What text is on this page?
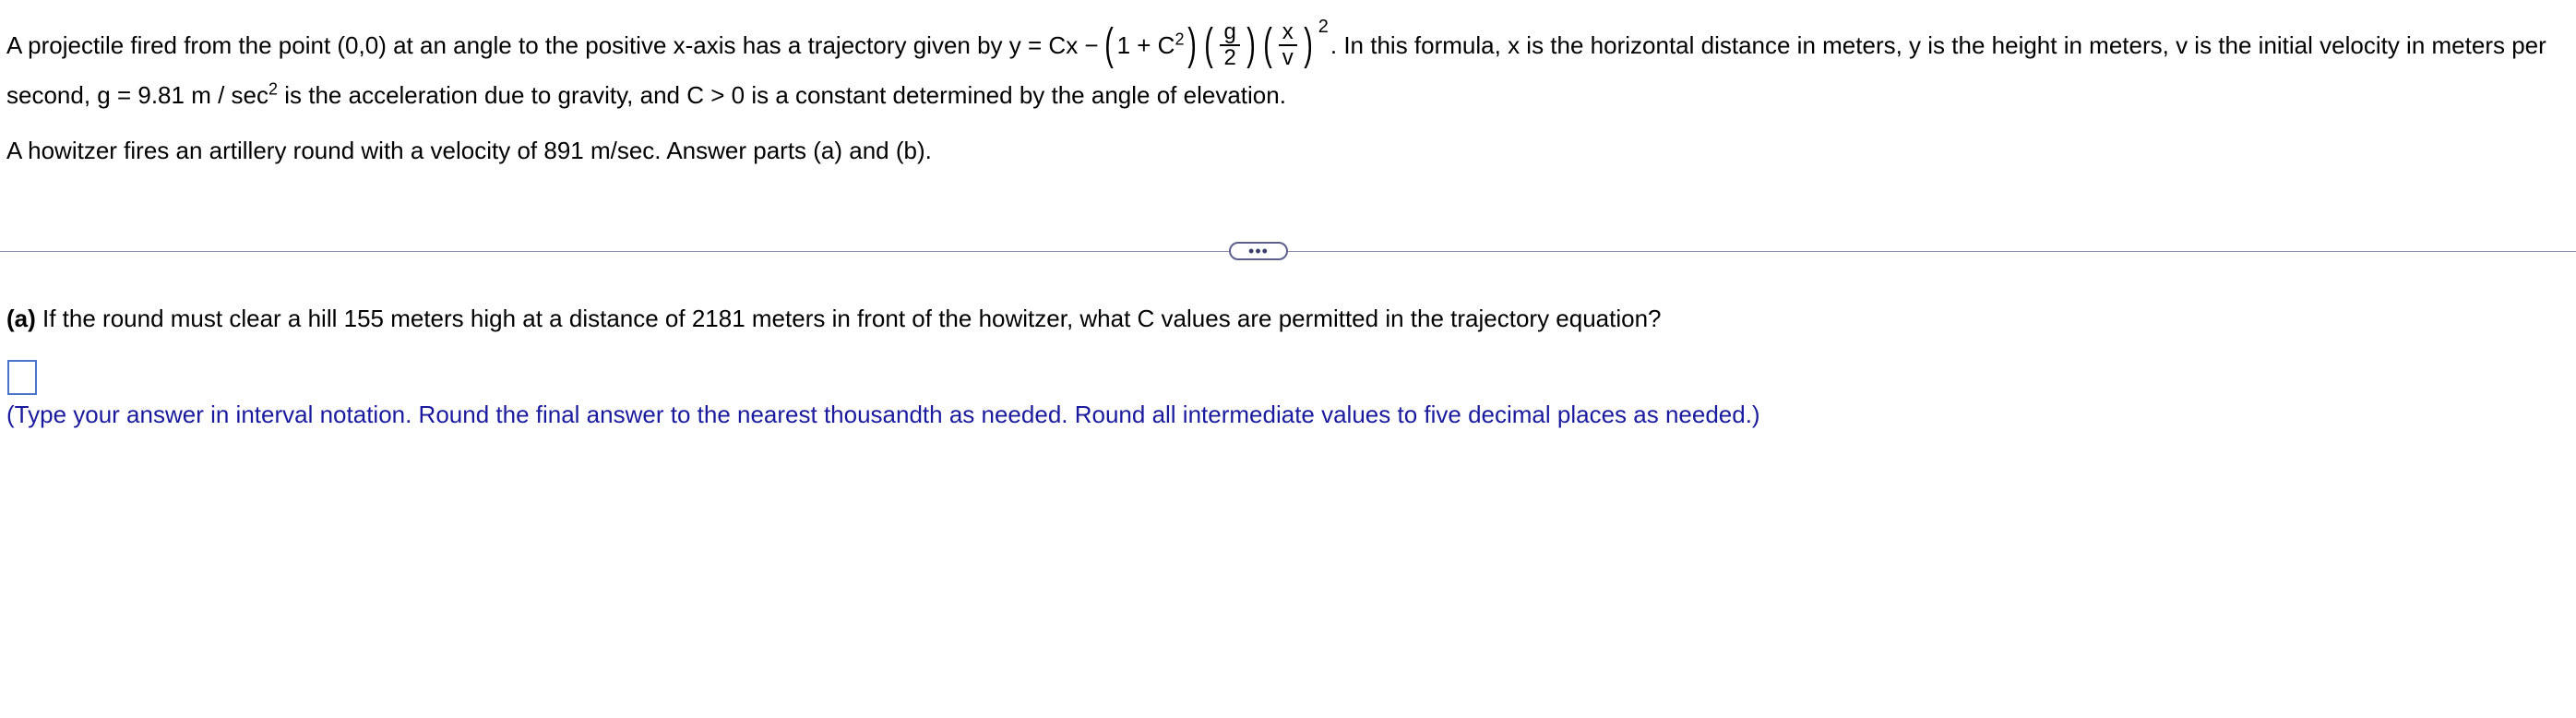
A projectile fired from the point (0,0) at an angle to the positive x-axis has a trajectory given by y = Cx − ( $1 + C^2$ ) ( $\frac{g}{2}$ ) ( $\frac{x}{v}$ ) 2
. In this formula, x is the horizontal distance in meters, y is the height in meters, v is the initial velocity in meters per
second, g = 9.81 m / $\sec^2$ is the acceleration due to gravity, and C > 0 is a constant determined by the angle of elevation.
A howitzer fires an artillery round with a velocity of 891 m/sec. Answer parts (a) and (b).
•••
(a) If the round must clear a hill 155 meters high at a distance of 2181 meters in front of the howitzer, what C values are permitted in the trajectory equation?
(Type your answer in interval notation. Round the final answer to the nearest thousandth as needed. Round all intermediate values to five decimal places as needed.)
